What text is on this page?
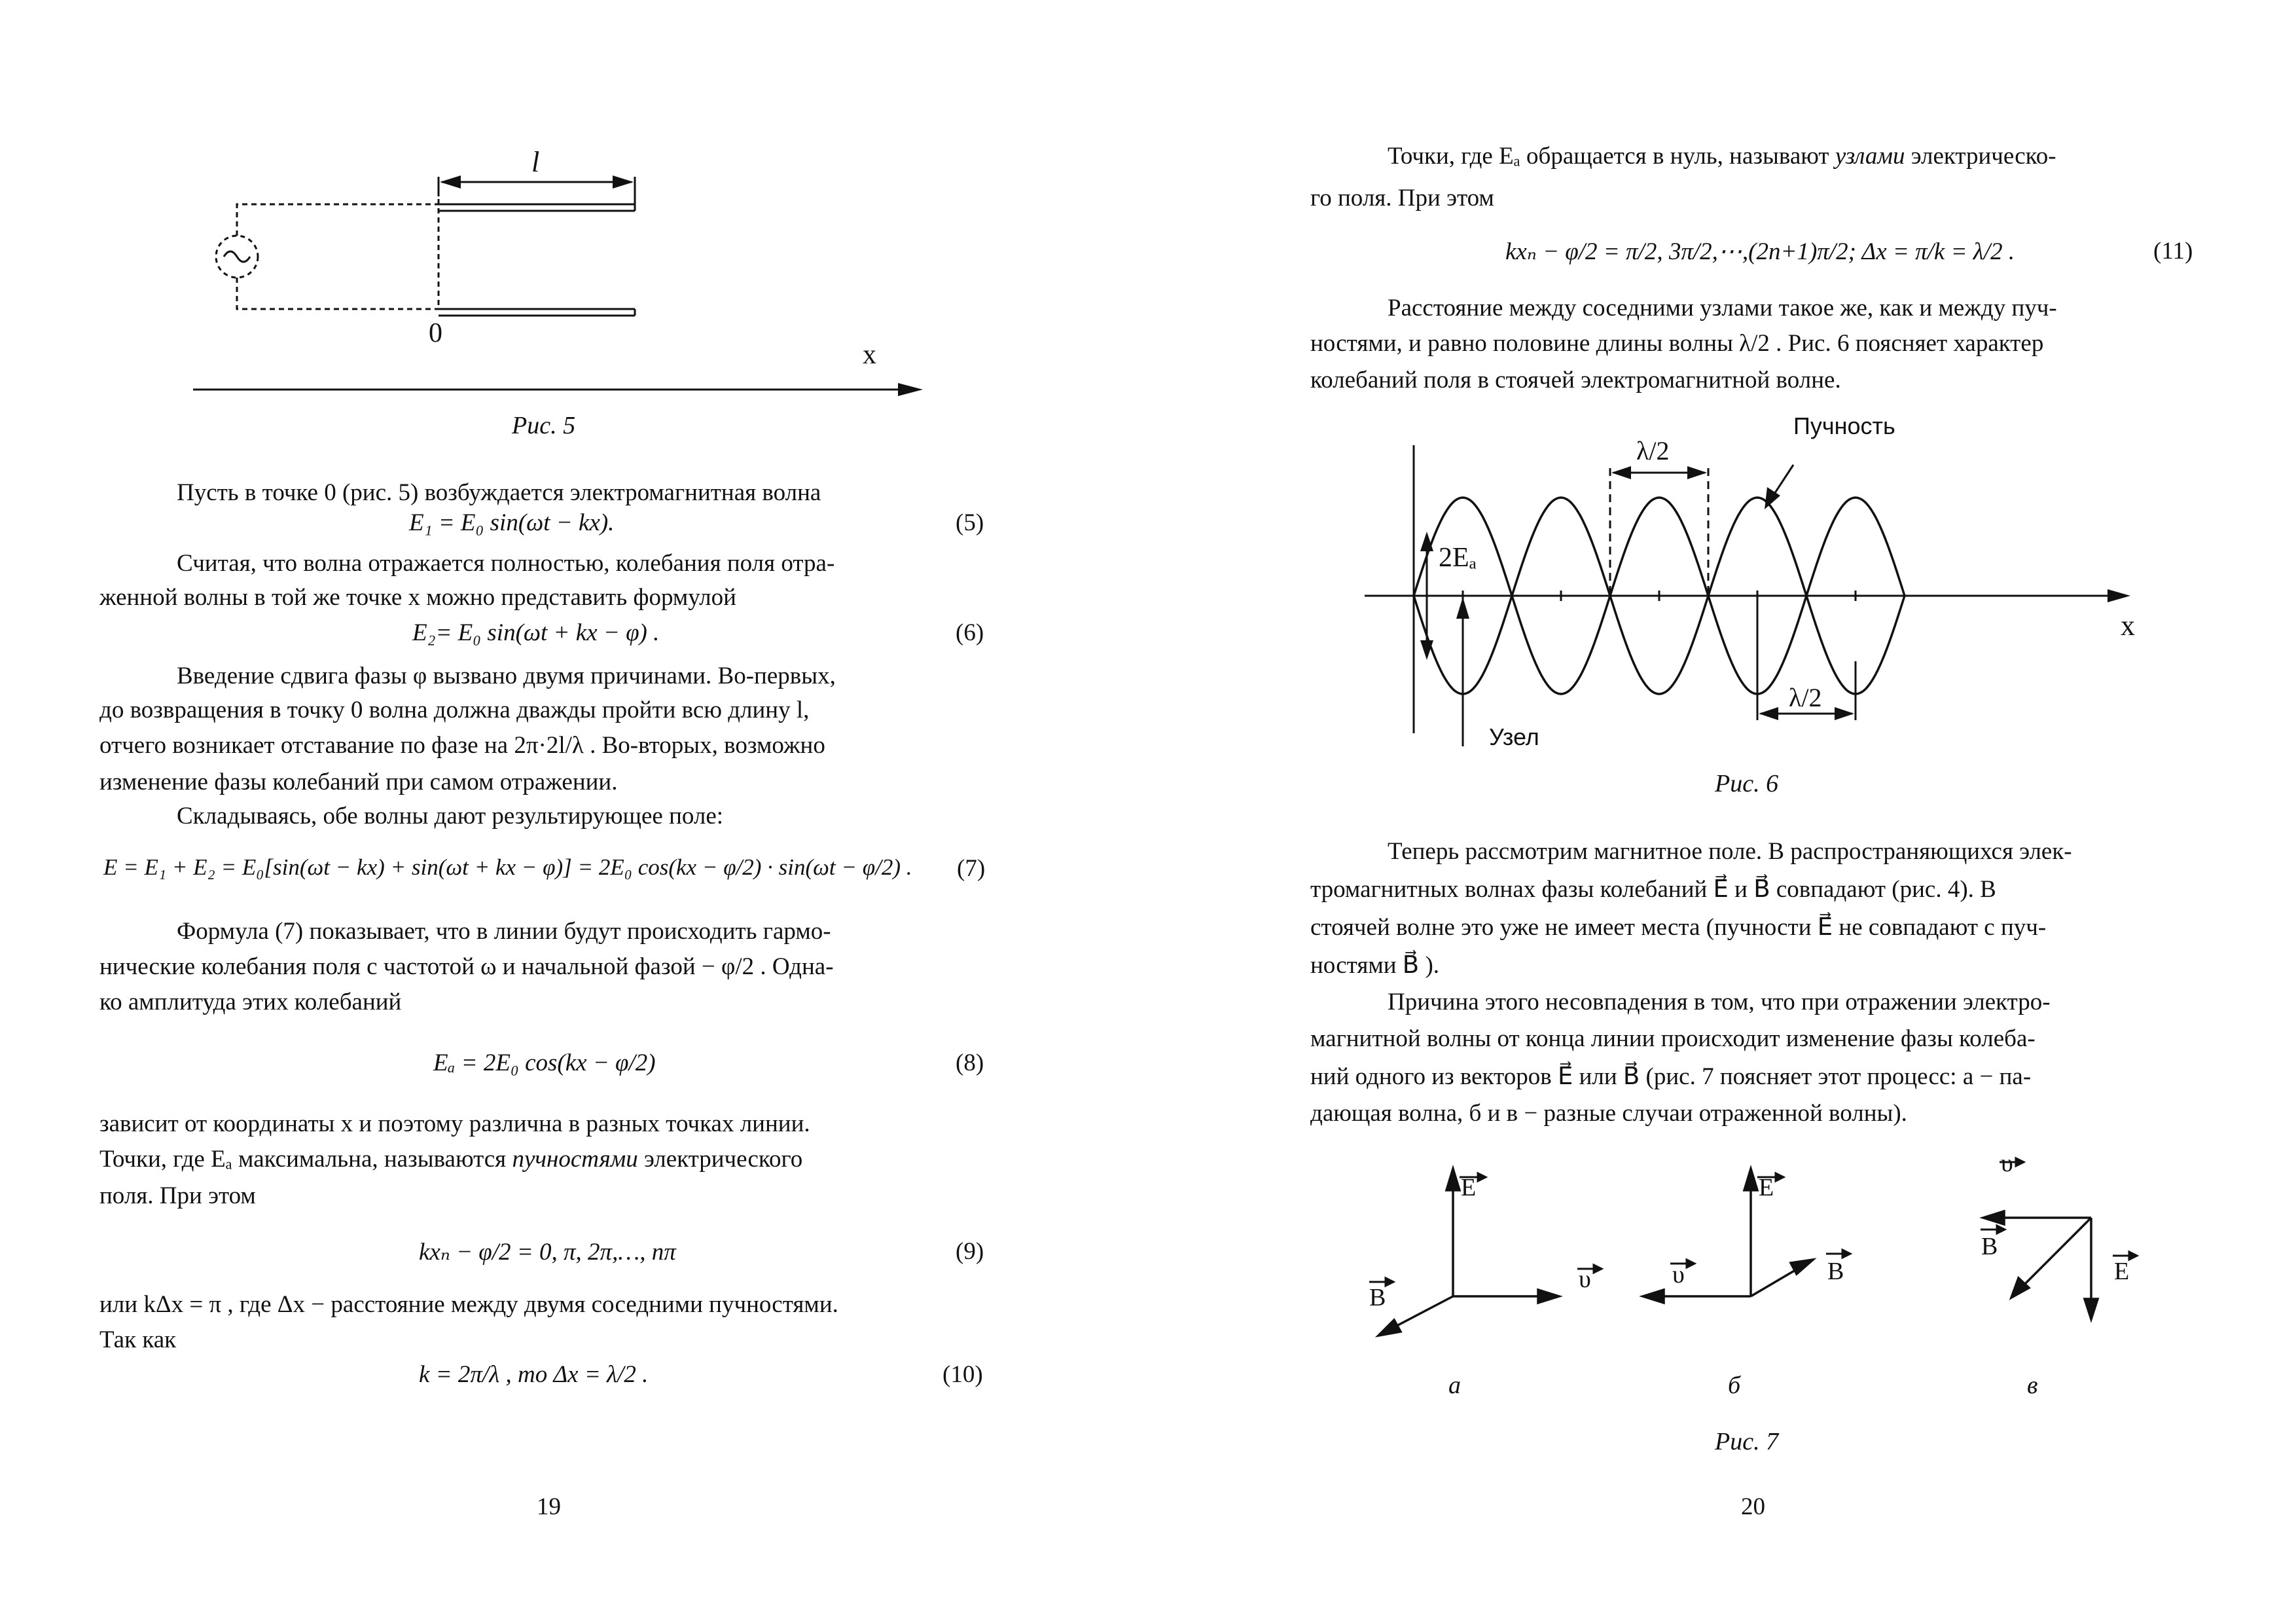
l
0
x
Рис. 5
Пусть в точке 0 (рис. 5) возбуждается электромагнитная волна
E₁ = E₀ sin(ωt − kx).	(5)
Считая, что волна отражается полностью, колебания поля отра-
женной волны в той же точке x можно представить формулой
E₂= E₀ sin(ωt + kx − φ) .	(6)
Введение сдвига фазы φ вызвано двумя причинами. Во-первых,
до возвращения в точку 0 волна должна дважды пройти всю длину l,
отчего возникает отставание по фазе на 2π·2l/λ . Во-вторых, возможно
изменение фазы колебаний при самом отражении.
Складываясь, обе волны дают результирующее поле:
E = E₁ + E₂ = E₀[sin(ωt − kx) + sin(ωt + kx − φ)] = 2E₀ cos(kx − φ/2) · sin(ωt − φ/2) . (7)
Формула (7) показывает, что в линии будут происходить гармо-
нические колебания поля с частотой ω и начальной фазой − φ/2 . Одна-
ко амплитуда этих колебаний
Eₐ = 2E₀ cos(kx − φ/2)	(8)
зависит от координаты x и поэтому различна в разных точках линии.
Точки, где Eₐ максимальна, называются пучностями электрического
поля. При этом
kxₙ − φ/2 = 0, π, 2π,…, nπ	(9)
или kΔx = π , где Δx − расстояние между двумя соседними пучностями.
Так как
k = 2π/λ , то Δx = λ/2 .	(10)
19
Точки, где Eₐ обращается в нуль, называют узлами электрическо-
го поля. При этом
kxₙ − φ/2 = π/2, 3π/2,⋯,(2n+1)π/2; Δx = π/k = λ/2 .	(11)
Расстояние между соседними узлами такое же, как и между пуч-
ностями, и равно половине длины волны λ/2 . Рис. 6 поясняет характер
колебаний поля в стоячей электромагнитной волне.
Пучность
λ/2
λ/2
2Eₐ
x
Узел
Рис. 6
Теперь рассмотрим магнитное поле. В распространяющихся элек-
тромагнитных волнах фазы колебаний E⃗ и B⃗ совпадают (рис. 4). В
стоячей волне это уже не имеет места (пучности E⃗ не совпадают с пуч-
ностями B⃗ ).
Причина этого несовпадения в том, что при отражении электро-
магнитной волны от конца линии происходит изменение фазы колеба-
ний одного из векторов E⃗ или B⃗ (рис. 7 поясняет этот процесс: а − па-
дающая волна, б и в − разные случаи отраженной волны).
E
υ
B
E
υ	B
υ
B
E
а	б	в
Рис. 7
20
